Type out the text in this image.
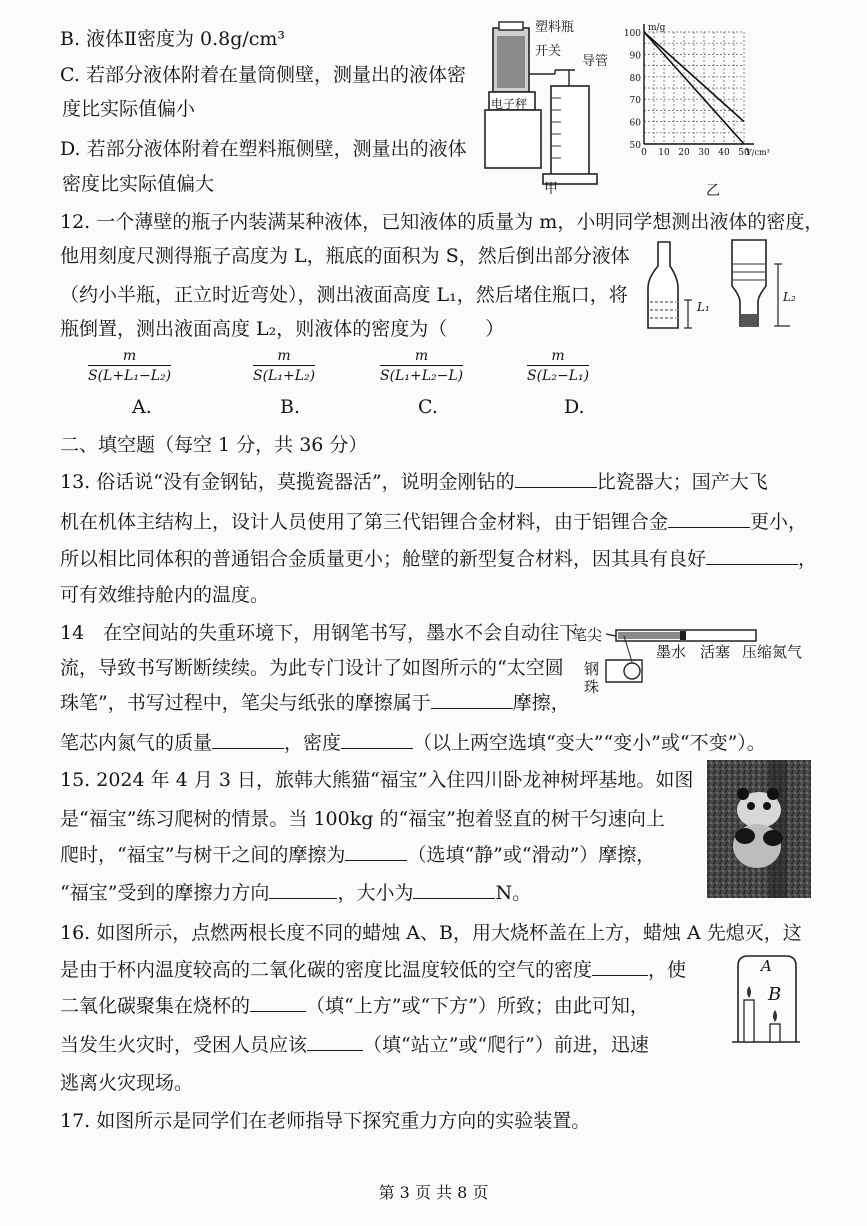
B. 液体Ⅱ密度为 0.8g/cm³
C. 若部分液体附着在量筒侧壁，测量出的液体密
度比实际值偏小
D. 若部分液体附着在塑料瓶侧壁，测量出的液体
密度比实际值偏大
塑料瓶
开关
导管
电子秤
甲
100
90
80
70
60
50
0 10 20 30 40 50
m/g
V/cm³
乙
12. 一个薄壁的瓶子内装满某种液体，已知液体的质量为 m，小明同学想测出液体的密度，
他用刻度尺测得瓶子高度为 L，瓶底的面积为 S，然后倒出部分液体
（约小半瓶，正立时近弯处），测出液面高度 L₁，然后堵住瓶口，将
瓶倒置，测出液面高度 L₂，则液体的密度为（　　）
L₁
L₂
$\frac{m}{\text{S(L+L₁−L₂)}}$
A.
$\frac{m}{\text{S(L₁+L₂)}}$
B.
$\frac{m}{\text{S(L₁+L₂−L)}}$
C.
$\frac{m}{\text{S(L₂−L₁)}}$
D.
二、填空题（每空 1 分，共 36 分）
13. 俗话说“没有金钢钻，莫揽瓷器活”，说明金刚钻的	比瓷器大；国产大飞
机在机体主结构上，设计人员使用了第三代铝锂合金材料，由于铝锂合金	更小，
所以相比同体积的普通铝合金质量更小；舱壁的新型复合材料，因其具有良好	，
可有效维持舱内的温度。
14　在空间站的失重环境下，用钢笔书写，墨水不会自动往下
流，导致书写断断续续。为此专门设计了如图所示的“太空圆
珠笔”，书写过程中，笔尖与纸张的摩擦属于	摩擦，
笔芯内氮气的质量	，密度	（以上两空选填“变大”“变小”或“不变”）。
笔尖
墨水 活塞 压缩氮气
钢
珠
15. 2024 年 4 月 3 日，旅韩大熊猫“福宝”入住四川卧龙神树坪基地。如图
是“福宝”练习爬树的情景。当 100kg 的“福宝”抱着竖直的树干匀速向上
爬时，“福宝”与树干之间的摩擦为	（选填“静”或“滑动”）摩擦，
“福宝”受到的摩擦力方向	，大小为	N。
16. 如图所示，点燃两根长度不同的蜡烛 A、B，用大烧杯盖在上方，蜡烛 A 先熄灭，这
是由于杯内温度较高的二氧化碳的密度比温度较低的空气的密度	，使
二氧化碳聚集在烧杯的	（填“上方”或“下方”）所致；由此可知，
当发生火灾时，受困人员应该	（填“站立”或“爬行”）前进，迅速
逃离火灾现场。
A
B
17. 如图所示是同学们在老师指导下探究重力方向的实验装置。
第 3 页 共 8 页
